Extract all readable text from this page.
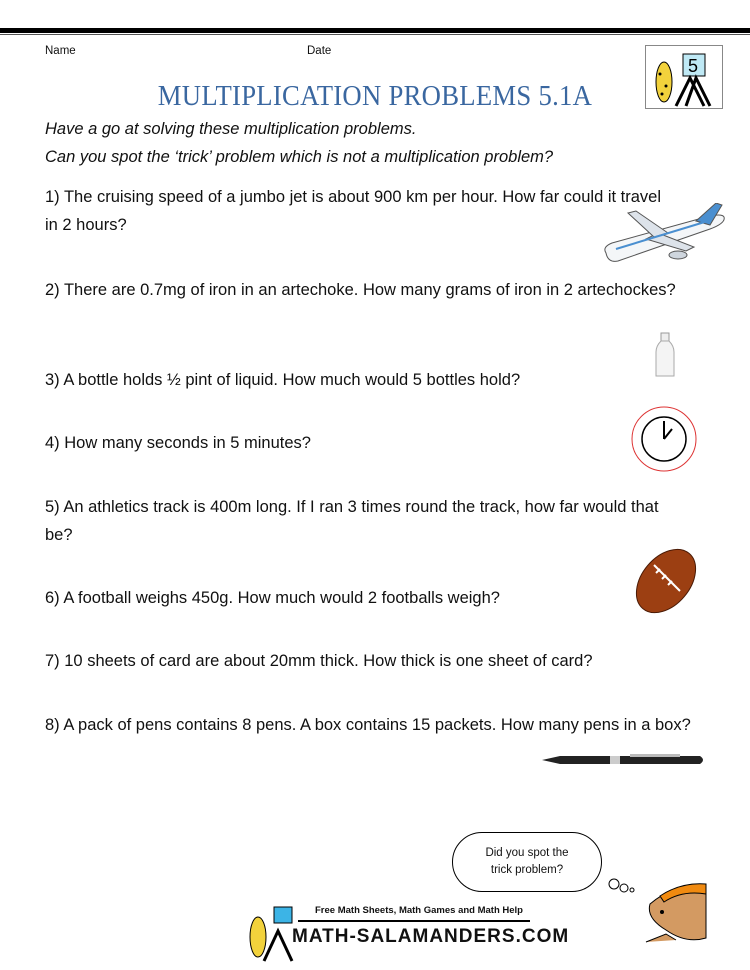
Name	Date
5
MULTIPLICATION PROBLEMS 5.1A
Have a go at solving these multiplication problems.
Can you spot the ‘trick’ problem which is not a multiplication problem?
1) The cruising speed of a jumbo jet is about 900 km per hour. How far could it travel in 2 hours?
2) There are 0.7mg of iron in an artechoke. How many grams of iron in 2 artechockes?
3) A bottle holds ½ pint of liquid. How much would 5 bottles hold?
4) How many seconds in 5 minutes?
5) An athletics track is 400m long. If I ran 3 times round the track, how far would that be?
6) A football weighs 450g. How much would 2 footballs weigh?
7) 10 sheets of card are about 20mm thick. How thick is one sheet of card?
8) A pack of pens contains 8 pens. A box contains 15 packets. How many pens in a box?
Did you spot the
trick problem?
Free Math Sheets, Math Games and Math Help
MATH-SALAMANDERS.COM
